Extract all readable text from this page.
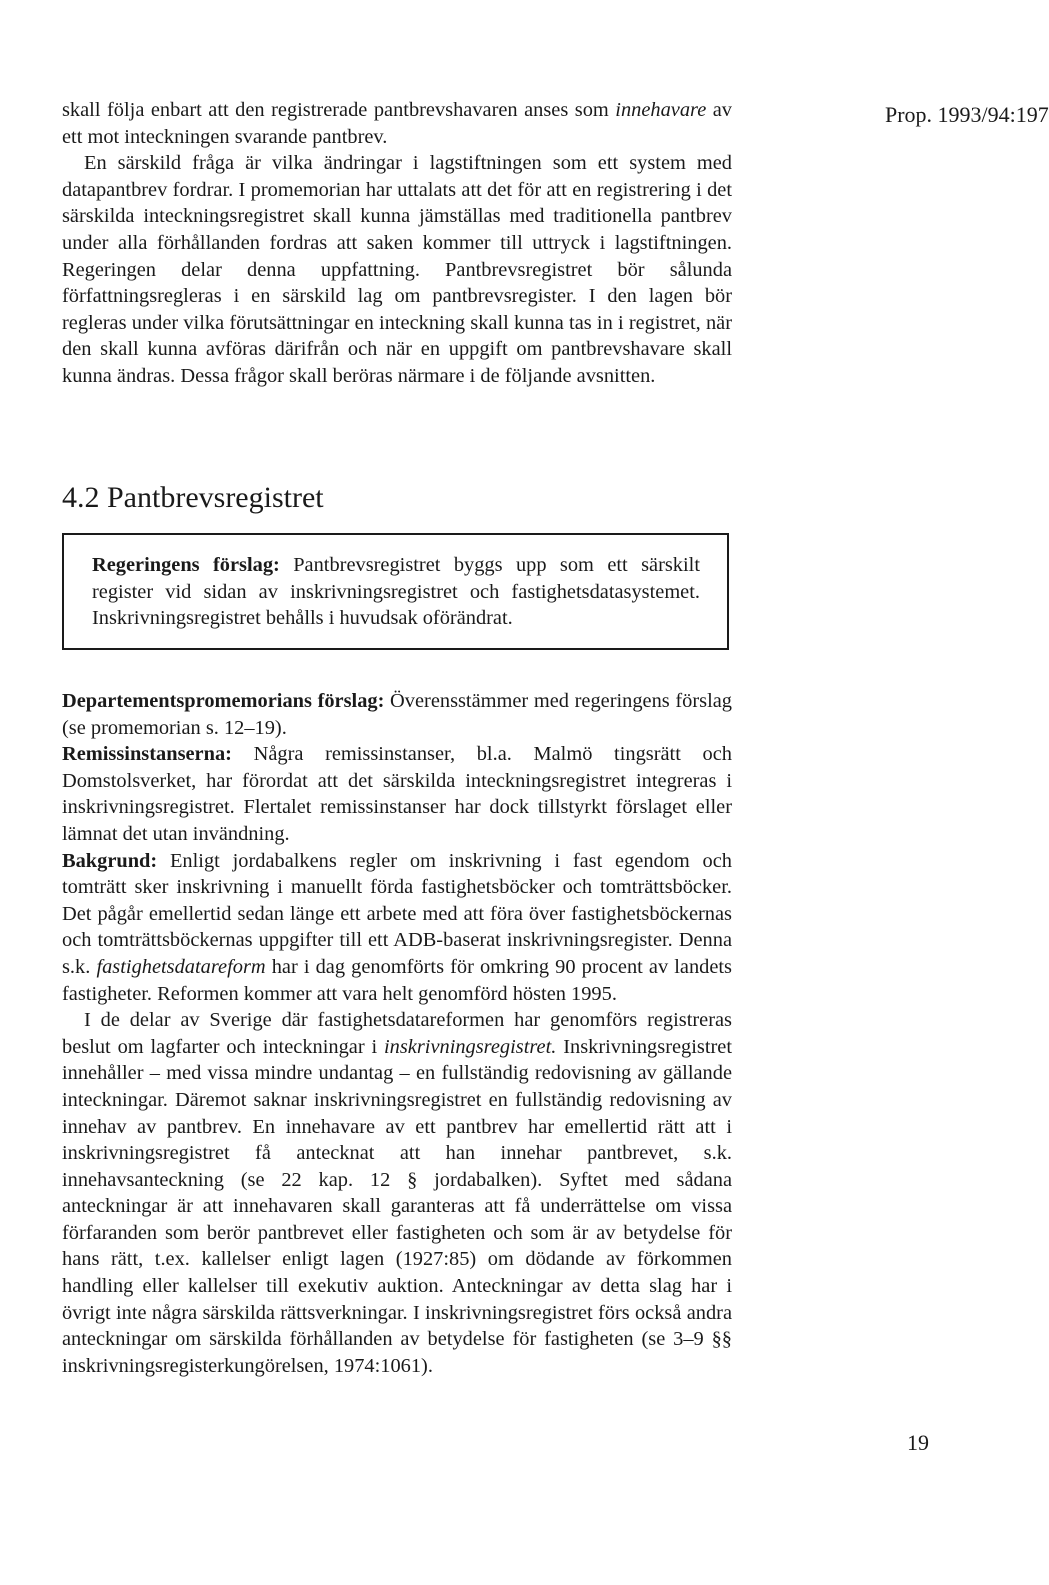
Prop. 1993/94:197

skall följa enbart att den registrerade pantbrevshavaren anses som innehavare av ett mot inteckningen svarande pantbrev.

En särskild fråga är vilka ändringar i lagstiftningen som ett system med datapantbrev fordrar. I promemorian har uttalats att det för att en registrering i det särskilda inteckningsregistret skall kunna jämställas med traditionella pantbrev under alla förhållanden fordras att saken kommer till uttryck i lagstiftningen. Regeringen delar denna uppfattning. Pantbrevsregistret bör sålunda författningsregleras i en särskild lag om pantbrevsregister. I den lagen bör regleras under vilka förutsättningar en inteckning skall kunna tas in i registret, när den skall kunna avföras därifrån och när en uppgift om pantbrevshavare skall kunna ändras. Dessa frågor skall beröras närmare i de följande avsnitten.

4.2 Pantbrevsregistret
Regeringens förslag: Pantbrevsregistret byggs upp som ett särskilt register vid sidan av inskrivningsregistret och fastighetsdatasystemet. Inskrivningsregistret behålls i huvudsak oförändrat.

Departementspromemorians förslag: Överensstämmer med regeringens förslag (se promemorian s. 12–19).

Remissinstanserna: Några remissinstanser, bl.a. Malmö tingsrätt och Domstolsverket, har förordat att det särskilda inteckningsregistret integreras i inskrivningsregistret. Flertalet remissinstanser har dock tillstyrkt förslaget eller lämnat det utan invändning.

Bakgrund: Enligt jordabalkens regler om inskrivning i fast egendom och tomträtt sker inskrivning i manuellt förda fastighetsböcker och tomträttsböcker. Det pågår emellertid sedan länge ett arbete med att föra över fastighetsböckernas och tomträttsböckernas uppgifter till ett ADB-baserat inskrivningsregister. Denna s.k. fastighetsdatareform har i dag genomförts för omkring 90 procent av landets fastigheter. Reformen kommer att vara helt genomförd hösten 1995.

I de delar av Sverige där fastighetsdatareformen har genomförs registreras beslut om lagfarter och inteckningar i inskrivningsregistret. Inskrivningsregistret innehåller – med vissa mindre undantag – en fullständig redovisning av gällande inteckningar. Däremot saknar inskrivningsregistret en fullständig redovisning av innehav av pantbrev. En innehavare av ett pantbrev har emellertid rätt att i inskrivningsregistret få antecknat att han innehar pantbrevet, s.k. innehavsanteckning (se 22 kap. 12 § jordabalken). Syftet med sådana anteckningar är att innehavaren skall garanteras att få underrättelse om vissa förfaranden som berör pantbrevet eller fastigheten och som är av betydelse för hans rätt, t.ex. kallelser enligt lagen (1927:85) om dödande av förkommen handling eller kallelser till exekutiv auktion. Anteckningar av detta slag har i övrigt inte några särskilda rättsverkningar. I inskrivningsregistret förs också andra anteckningar om särskilda förhållanden av betydelse för fastigheten (se 3–9 §§ inskrivningsregisterkungörelsen, 1974:1061).

19
